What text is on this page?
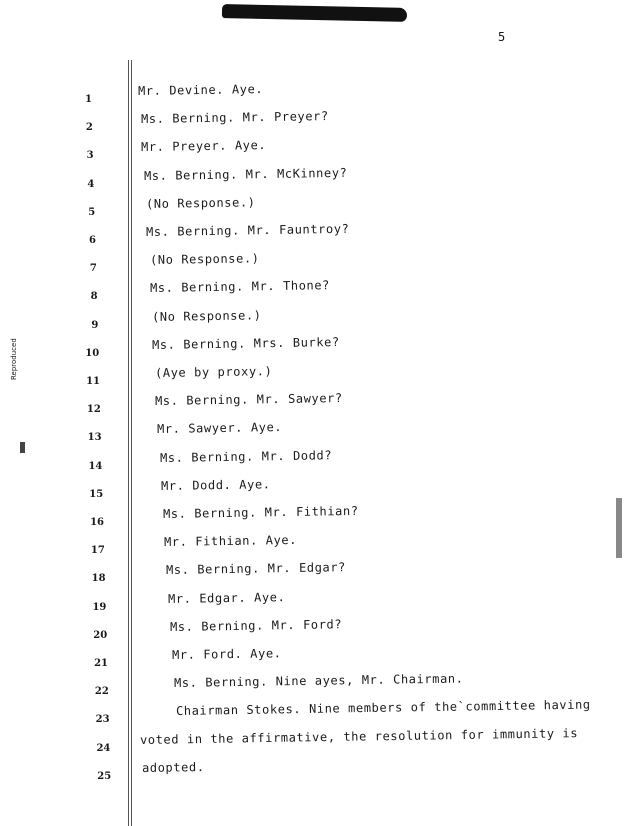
5
Reproduced
1
2
3
4
5
6
7
8
9
10
11
12
13
14
15
16
17
18
19
20
21
22
23
24
25
Mr. Devine. Aye.
Ms. Berning. Mr. Preyer?
Mr. Preyer. Aye.
Ms. Berning. Mr. McKinney?
(No Response.)
Ms. Berning. Mr. Fauntroy?
(No Response.)
Ms. Berning. Mr. Thone?
(No Response.)
Ms. Berning. Mrs. Burke?
(Aye by proxy.)
Ms. Berning. Mr. Sawyer?
Mr. Sawyer. Aye.
Ms. Berning. Mr. Dodd?
Mr. Dodd. Aye.
Ms. Berning. Mr. Fithian?
Mr. Fithian. Aye.
Ms. Berning. Mr. Edgar?
Mr. Edgar. Aye.
Ms. Berning. Mr. Ford?
Mr. Ford. Aye.
Ms. Berning. Nine ayes, Mr. Chairman.
Chairman Stokes. Nine members of the`committee having
voted in the affirmative, the resolution for immunity is
adopted.
